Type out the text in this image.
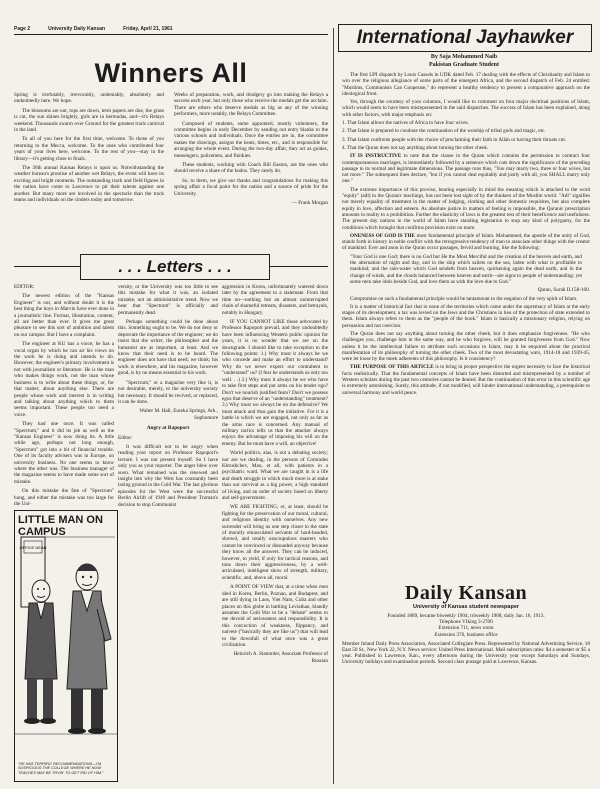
Page 2	University Daily Kansan	Friday, April 21, 1961
Winners All

Spring is irrefutably, irrevocably, undeniably, absolutely and undoubtedly here. We hope.

The blossoms are out, tops are down, term papers are due, the grass is cut, the sun shines brightly, girls are in bermudas, and—it's Relays weekend. Thousands swarm over Ground for the greatest track carnival in the land.

To all of you here for the first time, welcome. To those of you returning to the Mecca, welcome. To the ones who contributed four years of your lives here, welcome. To the rest of you—stay in the library—it's getting close to finals.

The 36th annual Kansas Relays is upon us. Notwithstanding the weather bureau's promise of another wet Relays, the event will have its exciting and bright moments. The outstanding track and field figures in the nation have come to Lawrence to pit their talents against one another. But many more are involved in the spectacle than the track teams and individuals on the cinders today and tomorrow.

Weeks of preparation, work, and drudgery go into making the Relays a success each year, but only those who receive the medals get the acclaim. There are others who deserve medals as big as any of the winning performers, more notably, the Relays Committee.

Composed of students, some appointed, mostly volunteers, the committee begins in early December by sending out entry blanks to the various schools and individuals. Once the entries are in, the committee makes the drawings, assigns the heats, times, etc., and is responsible for arranging the whole event. During the two-day affair, they act as guides, messengers, policemen, and flunkies.

These students, working with Coach Bill Easton, are the ones who should receive a share of the kudos. They rarely do.

So, to them, we give our thanks and congratulations for making this spring affair a focal point for the nation and a source of pride for the University.

— Frank Morgan
. . . Letters . . .

EDITOR:

The newest edition of the "Kansas Engineer" is out, and without doubt it is the best thing the boys in Marvin have ever done in a journalistic line. Format, illustration, content, all are better than ever. It gives me great pleasure to see this sort of ambition and talent on our campus. But I have a complaint.

The engineer at KU has a voice; he has a vocal organ by which he can air his views on the work he is doing and intends to do. However, the engineer's primary involvement is not with journalism or literature. He is the man who makes things work, not the man whose business is to write about these things, or, for that matter, about anything else. There are people whose work and interest is in writing and talking about anything which to them seems important. These people too need a voice.

They had one once. It was called "Spectrum," and it did its job as well as the "Kansas Engineer" is now doing its. A little while ago, perhaps not long enough, "Spectrum" got into a bit of financial trouble. One of its faculty advisers was in Europe, on university business. No one seems to know where the other was. The business manager of the magazine seems to have made some sort of mistake.

On this mistake the fate of "Spectrum" hung, and either the mistake was too large for the Uni-

versity, or the University was too little to see this mistake for what it was, an isolated mistake, not an administrative trend. Now we hear that "Spectrum" is officially and permanently dead.

Perhaps something could be done about this. Something ought to be. We do not deny or deprecate the importance of the engineer; we do insist that the writer, the philosopher and the humanist are as important, at least. And we know that their need is to be heard. The engineer does not have that need; we think; his work is elsewhere, and his magazine, however good, is by no means essential to his work.

"Spectrum," or a magazine very like it, is not desirable, merely, to the university society but necessary. It should be revived, or replaced, it can be done.

Walter M. Hall, Eureka Springs, Ark., Sophomore

Angry at Rapoport

Editor:

It was difficult not to be angry when reading your report on Professor Rapoport's lecture. I was not present myself. So I have only you as your reporter. The anger blew over soon. What remained was the renewed and insight into why the West has constantly been losing ground in the Cold War. The last glorious episodes for the West were the successful Berlin Airlift of 1949 and President Truman's decision to stop Communist

aggression in Korea, unfortunately watered down later by the agreement to a stalemate. From that time on—nothing but an almost uninterrupted chain of shameful retreats, disasters, and betrayals, notably in Hungary.

IF YOU CANNOT LIKE those advocated by Professor Rapoport prevail, and they undoubtedly have been influencing Western public opinion for years, it is no wonder that we are on the downgrade. I should like to take exception to the following points: 1.) Why must it always be we who concede and make an effort to understand? Why do we never expect our contrahent to "understand" us? (I fear he understands us only too well. . .) 2.) Why must it always be we who have to take first steps and put arms on his tender ego? Don't we nourish justified fears? Don't we possess egos that deserve of an "understanding" treatment? 3.) Why must we always be on the defensive? We must attack and thus gain the initiative. For it is a battle in which we are engaged, not only as far as the arms race is concerned. Any manual of military tactics tells us that the attacker always enjoys the advantage of imposing his will on the enemy. But he must have a will, an objective!

World politics, alas, is not a debating society; nor are we dealing, in the persons of Comrades Khrushchev, Mao, et all, with patients in a psychiatric ward. What we are caught in is a life and death struggle in which much more is at stake than our survival as a big power, a high standard of living, and an order of society based on liberty and self-government.

WE ARE FIGHTING, or, at least, should be fighting for the preservation of our moral, cultural, and religious identity with ourselves. Any new surrender will bring us one step closer to the state of morally emasculated servants of hard-headed, shrewd, and totally unscrupulous masters who cannot be convinced or dissuaded anyway because they know all the answers. They can be induced, however, to yield, if only for tactical reasons, and tone down their aggressiveness, by a well-articulated, intelligent show of strength, military, scientific, and, above all, moral.

A POINT OF VIEW that, at a time when men died in Korea, Berlin, Poznan, and Budapest, and are still dying in Laos, Viet Nam, Cuba and other places on this globe in battling Leviathan, blandly assumes the Cold War to be a "debate" seems to me devoid of seriousness and responsibility. It is this concoction of weakness, flippancy, and naivete ("basically they are like us") that will lead to the downfall of what once was a great civilization.

Heinrich A. Stammler, Associate Professor of Russian

LITTLE MAN ON CAMPUS
OFFICE DEAN
"HE HAS TERRIFIC RECOMMENDATIONS—I'M SUSPICIOUS THE COLLEGE WHERE HE NOW TEACHES MAY BE TRYIN' TO GET RID OF HIM."
International Jayhawker
By Saja Mohammed Naib
Pakistan Graduate Student

The first UPI dispatch by Louis Cassels in UDK dated Feb. 17 dealing with the effects of Christianity and Islam to win over the religious allegiance of some parts of the emergent Africa, and the second dispatch of Feb. 24 entitled: "Muslims, Communists Can Cooperate," do represent a healthy tendency to present a comparative approach on the ideological front.

Yet, through the courtesy of your columns, I would like to comment on four major doctrinal positions of Islam, which would seem to have been misrepresented in the said dispatches. The success of Islam has been explained, along with other factors, with major emphasis on:

1. That Islam allows the natives of Africa to have four wives.

2. That Islam is prepared to condone the continuation of the worship of tribal gods and magic, etc.

3. That Islam confronts people with the choice of proclaiming their faith in Allah or having their throats cut.

4. That the Quran does not say anything about turning the other cheek.

IT IS INSTRUCTIVE to note that the clause in the Quran which contains the permission to contract four contemporaneous marriages, is immediately followed by a sentence which cuts down the significance of the preceding passage to its normal and legitimate dimensions. The passage runs thus, "You may marry two, three or four wives, but not more." The subsequent lines declare, "but if you cannot deal equitably and justly with all, you SHALL marry only one."

The extreme importance of this proviso, bearing especially in mind the meaning which is attached to the word "equity" (adl) in the Quranic teachings, has not been lost sight of by the thinkers of the Muslim world. "Adl" signifies not merely equality of treatment in the matter of lodging, clothing and other domestic requisites, but also complete equity in love, affection and esteem. As absolute justice in matters of feeling is impossible, the Quranic prescription amounts in reality to a prohibition. Further the elasticity of laws is the greatest test of their beneficence and usefulness. The present day nations in the world of Islam have standing legislation to stop any kind of polygamy, for the conditions which brought that confirms provision exist no more.

ONENESS OF GOD IS THE most fundamental principle of Islam. Mohammed, the apostle of the unity of God, stands forth in history in noble conflict with the retrogressive tendency of man to associate other things with the creator of mankind. Ever and anon in the Quran occur passages, fervid and burning, like the following:

"Your God is one God; there is no God but He the Most Merciful and the creation of the heaven and earth, and the alternation of night and day, and in the ship which sailets on the sea, laden with what is profitable to mankind; and the rain-water which God sendeth from heaven, quickening again the dead earth, and in the change of winds, and the clouds balanced between heaven and earth—are signs to people of understanding: yet some men take idols beside God, and love them as with the love due to God."

Quran, Surah II.158-160.

Compromise on such a fundamental principle would be tantamount to the negation of the very spirit of Islam.

It is a matter of historical fact that in none of the territories which came under the supremacy of Islam at the early stages of its development, a tax was levied on the Jews and the Christians in lieu of the protection of state extended to them. Islam always refers to them as the "people of the book." Islam is basically a missionary religion, relying on persuasion and not coercion.

The Quran does not say anything about turning the other cheek, but it does emphasize forgiveness. "He who challenges you, challenge him in the same way, and he who forgives, will be granted forgiveness from God." Now unless it be the intellectual failure to attribute such occasions to Islam, may it be enquired about the practical manifestation of its philosophy of turning the other cheek. Two of the most devastating wars, 1914-18 and 1939-45, were let loose by the meek adherents of this philosophy. Is it consistency?

THE PURPOSE OF THIS ARTICLE is to bring in proper perspective the urgent necessity to face the historical facts realistically. That the fundamental concepts of Islam have been distorted and misrepresented by a number of Western scholars during the past two centuries cannot be denied. But the continuation of this error in this scientific age is extremely astonishing. Surely, this attitude, if not modified, will hinder international understanding, a prerequisite to universal harmony and world peace.

Daily Kansan
University of Kansas student newspaper
Founded 1889, became biweekly 1904, triweekly 1908, daily Jan. 16, 1913.
Telephone VIking 3-2700
Extension 711, news room
Extension 376, business office
Member Inland Daily Press Association, Associated Collegiate Press. Represented by National Advertising Service, 18 East 50 St., New York 22, N.Y. News service: United Press International. Mail subscription rates: $4 a semester or $5 a year. Published in Lawrence, Kan., every afternoon during the University year except Saturdays and Sundays, University holidays and examination periods. Second class postage paid at Lawrence, Kansas.
